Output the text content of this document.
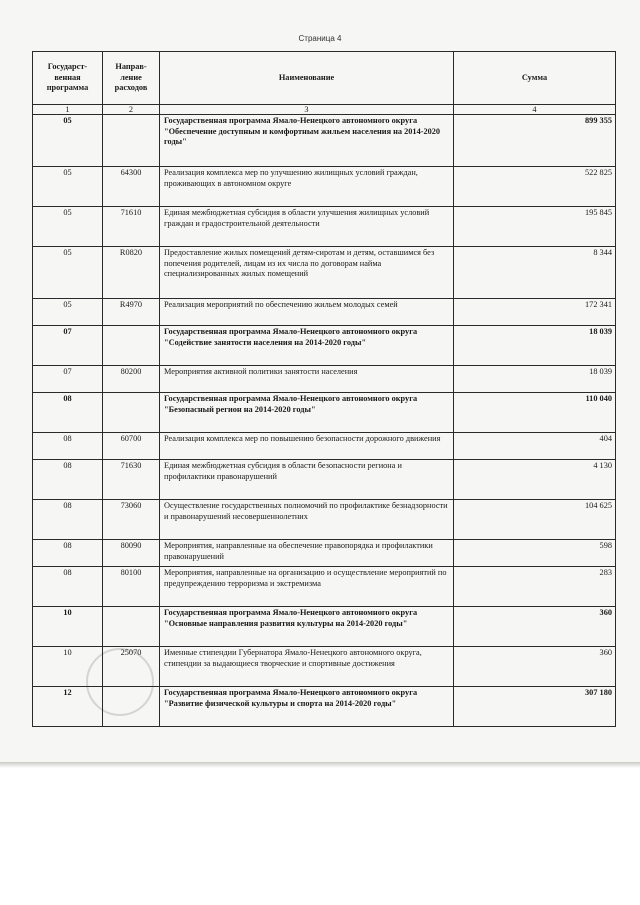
Страница 4
Государст-венная программа	Направ-ление расходов	Наименование	Сумма
1	2	3	4
05		Государственная программа Ямало-Ненецкого автономного округа "Обеспечение доступным и комфортным жильем населения на 2014-2020 годы"	899 355
05	64300	Реализация комплекса мер по улучшению жилищных условий граждан, проживающих в автономном округе	522 825
05	71610	Единая межбюджетная субсидия в области улучшения жилищных условий граждан и градостроительной деятельности	195 845
05	R0820	Предоставление жилых помещений детям-сиротам и детям, оставшимся без попечения родителей, лицам из их числа по договорам найма специализированных жилых помещений	8 344
05	R4970	Реализация мероприятий по обеспечению жильем молодых семей	172 341
07		Государственная программа Ямало-Ненецкого автономного округа "Содействие занятости населения на 2014-2020 годы"	18 039
07	80200	Мероприятия активной политики занятости населения	18 039
08		Государственная программа Ямало-Ненецкого автономного округа "Безопасный регион на 2014-2020 годы"	110 040
08	60700	Реализация комплекса мер по повышению безопасности дорожного движения	404
08	71630	Единая межбюджетная субсидия в области безопасности региона и профилактики правонарушений	4 130
08	73060	Осуществление государственных полномочий по профилактике безнадзорности и правонарушений несовершеннолетних	104 625
08	80090	Мероприятия, направленные на обеспечение правопорядка и профилактики правонарушений	598
08	80100	Мероприятия, направленные на организацию и осуществление мероприятий по предупреждению терроризма и экстремизма	283
10		Государственная программа Ямало-Ненецкого автономного округа "Основные направления развития культуры на 2014-2020 годы"	360
10	25070	Именные стипендии Губернатора Ямало-Ненецкого автономного округа, стипендии за выдающиеся творческие и спортивные достижения	360
12		Государственная программа Ямало-Ненецкого автономного округа "Развитие физической культуры и спорта на 2014-2020 годы"	307 180
